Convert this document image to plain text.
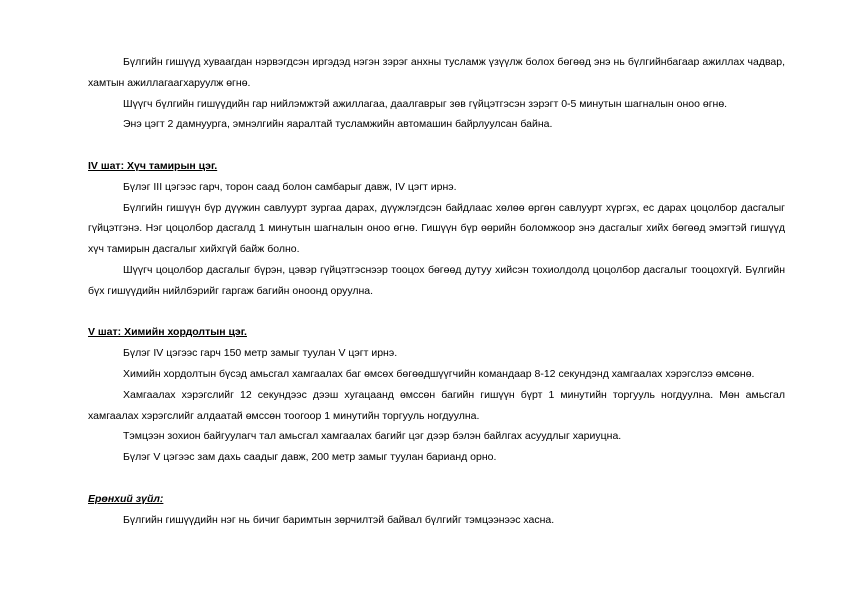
Бүлгийн гишүүд хуваагдан нэрвэгдсэн иргэдэд нэгэн зэрэг анхны тусламж үзүүлж болох бөгөөд энэ нь бүлгийнбагаар ажиллах чадвар, хамтын ажиллагаагхаруулж өгнө.

Шүүгч бүлгийн гишүүдийн гар нийлэмжтэй ажиллагаа, даалгаврыг зөв гүйцэтгэсэн зэрэгт 0-5 минутын шагналын оноо өгнө.

Энэ цэгт 2 дамнуурга, эмнэлгийн яаралтай тусламжийн автомашин байрлуулсан байна.

IV шат: Хүч тамирын цэг.

Бүлэг III цэгээс гарч, торон саад болон самбарыг давж, IV цэгт ирнэ.

Бүлгийн гишүүн бүр дүүжин савлуурт зургаа дарах, дүүжлэгдсэн байдлаас хөлөө өргөн савлуурт хүргэх, ес дарах цоцолбор дасгалыг гүйцэтгэнэ. Нэг цоцолбор дасгалд 1 минутын шагналын оноо өгнө. Гишүүн бүр өөрийн боломжоор энэ дасгалыг хийх бөгөөд эмэгтэй гишүүд хүч тамирын дасгалыг хийхгүй байж болно.

Шүүгч цоцолбор дасгалыг бүрэн, цэвэр гүйцэтгэснээр тооцох бөгөөд дутуу хийсэн тохиолдолд цоцолбор дасгалыг тооцохгүй. Бүлгийн бүх гишүүдийн нийлбэрийг гаргаж багийн оноонд оруулна.

V шат: Химийн хордолтын цэг.

Бүлэг IV цэгээс гарч 150 метр замыг туулан V цэгт ирнэ.

Химийн хордолтын бүсэд амьсгал хамгаалах баг өмсөх бөгөөдшүүгчийн командаар 8-12 секундэнд хамгаалах хэрэгслээ өмсөнө.

Хамгаалах хэрэгслийг 12 секундээс дээш хугацаанд өмссөн багийн гишүүн бүрт 1 минутийн торгууль ногдуулна. Мөн амьсгал хамгаалах хэрэгслийг алдаатай өмссөн тоогоор 1 минутийн торгууль ногдуулна.

Тэмцээн зохион байгуулагч тал амьсгал хамгаалах багийг цэг дээр бэлэн байлгах асуудлыг хариуцна.

Бүлэг V цэгээс зам дахь саадыг давж, 200 метр замыг туулан барианд орно.

Ерөнхий зүйл:

Бүлгийн гишүүдийн нэг нь бичиг баримтын зөрчилтэй байвал бүлгийг тэмцээнээс хасна.
